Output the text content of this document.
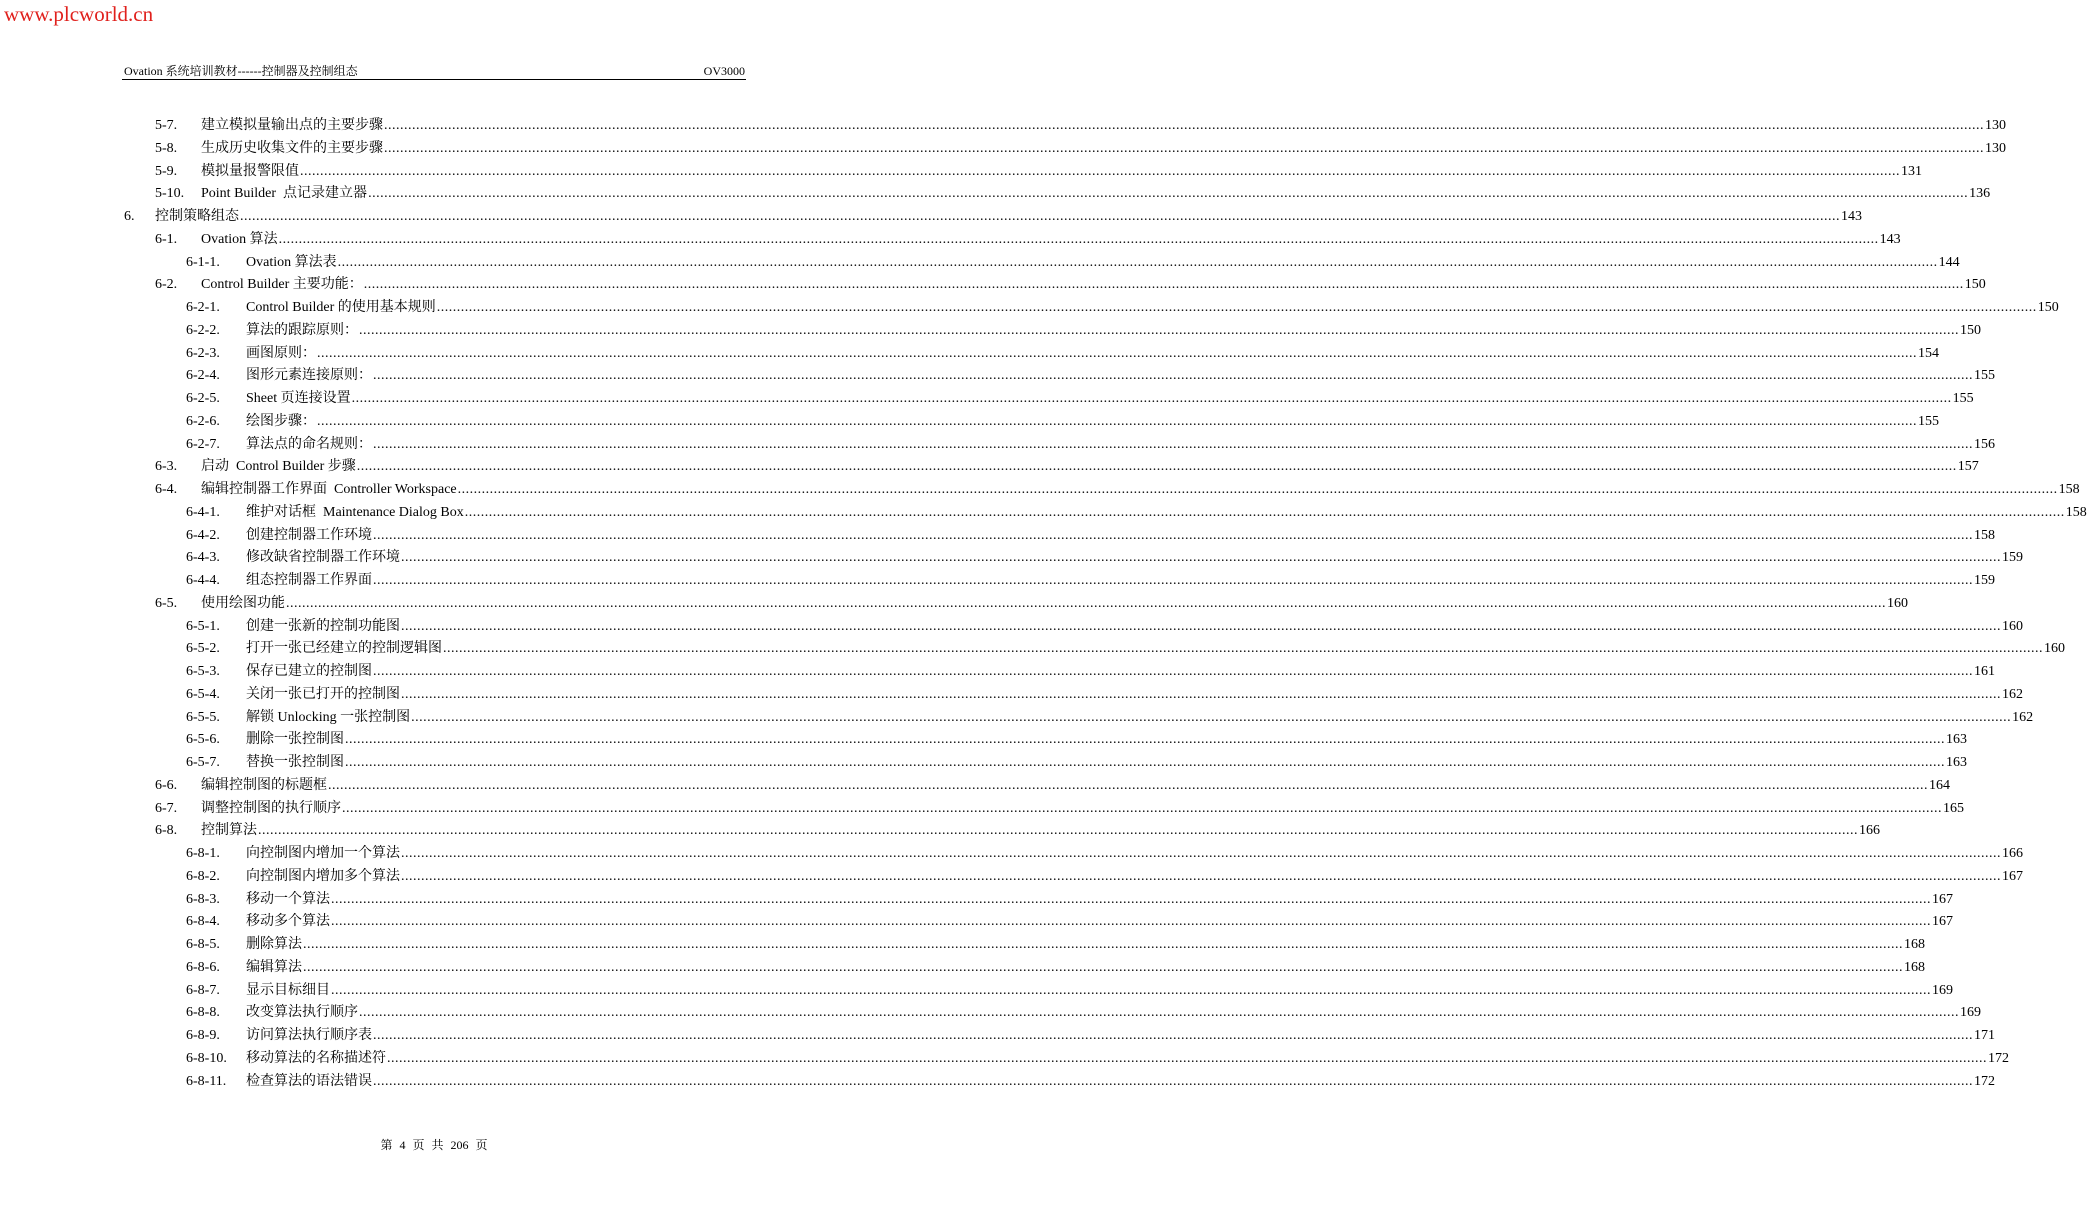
www.plcworld.cn
Ovation 系统培训教材------控制器及控制组态	OV3000
5-7.	建立模拟量输出点的主要步骤 ................................................................................................................................................................................................................................................................................................................................................................................................................ 130
5-8.	生成历史收集文件的主要步骤 ................................................................................................................................................................................................................................................................................................................................................................................................................ 130
5-9.	模拟量报警限值 ................................................................................................................................................................................................................................................................................................................................................................................................................ 131
5-10.	Point Builder  点记录建立器 ................................................................................................................................................................................................................................................................................................................................................................................................................ 136
6.	控制策略组态 ................................................................................................................................................................................................................................................................................................................................................................................................................ 143
6-1.	Ovation 算法 ................................................................................................................................................................................................................................................................................................................................................................................................................ 143
6-1-1.	Ovation 算法表 ................................................................................................................................................................................................................................................................................................................................................................................................................ 144
6-2.	Control Builder 主要功能： ................................................................................................................................................................................................................................................................................................................................................................................................................ 150
6-2-1.	Control Builder 的使用基本规则 ................................................................................................................................................................................................................................................................................................................................................................................................................ 150
6-2-2.	算法的跟踪原则： ................................................................................................................................................................................................................................................................................................................................................................................................................ 150
6-2-3.	画图原则： ................................................................................................................................................................................................................................................................................................................................................................................................................ 154
6-2-4.	图形元素连接原则： ................................................................................................................................................................................................................................................................................................................................................................................................................ 155
6-2-5.	Sheet 页连接设置 ................................................................................................................................................................................................................................................................................................................................................................................................................ 155
6-2-6.	绘图步骤： ................................................................................................................................................................................................................................................................................................................................................................................................................ 155
6-2-7.	算法点的命名规则： ................................................................................................................................................................................................................................................................................................................................................................................................................ 156
6-3.	启动  Control Builder 步骤 ................................................................................................................................................................................................................................................................................................................................................................................................................ 157
6-4.	编辑控制器工作界面  Controller Workspace ................................................................................................................................................................................................................................................................................................................................................................................................................ 158
6-4-1.	维护对话框  Maintenance Dialog Box ................................................................................................................................................................................................................................................................................................................................................................................................................ 158
6-4-2.	创建控制器工作环境 ................................................................................................................................................................................................................................................................................................................................................................................................................ 158
6-4-3.	修改缺省控制器工作环境 ................................................................................................................................................................................................................................................................................................................................................................................................................ 159
6-4-4.	组态控制器工作界面 ................................................................................................................................................................................................................................................................................................................................................................................................................ 159
6-5.	使用绘图功能 ................................................................................................................................................................................................................................................................................................................................................................................................................ 160
6-5-1.	创建一张新的控制功能图 ................................................................................................................................................................................................................................................................................................................................................................................................................ 160
6-5-2.	打开一张已经建立的控制逻辑图 ................................................................................................................................................................................................................................................................................................................................................................................................................ 160
6-5-3.	保存已建立的控制图 ................................................................................................................................................................................................................................................................................................................................................................................................................ 161
6-5-4.	关闭一张已打开的控制图 ................................................................................................................................................................................................................................................................................................................................................................................................................ 162
6-5-5.	解锁 Unlocking 一张控制图 ................................................................................................................................................................................................................................................................................................................................................................................................................ 162
6-5-6.	删除一张控制图 ................................................................................................................................................................................................................................................................................................................................................................................................................ 163
6-5-7.	替换一张控制图 ................................................................................................................................................................................................................................................................................................................................................................................................................ 163
6-6.	编辑控制图的标题框 ................................................................................................................................................................................................................................................................................................................................................................................................................ 164
6-7.	调整控制图的执行顺序 ................................................................................................................................................................................................................................................................................................................................................................................................................ 165
6-8.	控制算法 ................................................................................................................................................................................................................................................................................................................................................................................................................ 166
6-8-1.	向控制图内增加一个算法 ................................................................................................................................................................................................................................................................................................................................................................................................................ 166
6-8-2.	向控制图内增加多个算法 ................................................................................................................................................................................................................................................................................................................................................................................................................ 167
6-8-3.	移动一个算法 ................................................................................................................................................................................................................................................................................................................................................................................................................ 167
6-8-4.	移动多个算法 ................................................................................................................................................................................................................................................................................................................................................................................................................ 167
6-8-5.	删除算法 ................................................................................................................................................................................................................................................................................................................................................................................................................ 168
6-8-6.	编辑算法 ................................................................................................................................................................................................................................................................................................................................................................................................................ 168
6-8-7.	显示目标细目 ................................................................................................................................................................................................................................................................................................................................................................................................................ 169
6-8-8.	改变算法执行顺序 ................................................................................................................................................................................................................................................................................................................................................................................................................ 169
6-8-9.	访问算法执行顺序表 ................................................................................................................................................................................................................................................................................................................................................................................................................ 171
6-8-10.	移动算法的名称描述符 ................................................................................................................................................................................................................................................................................................................................................................................................................ 172
6-8-11.	检查算法的语法错误 ................................................................................................................................................................................................................................................................................................................................................................................................................ 172
第 4 页 共 206 页
